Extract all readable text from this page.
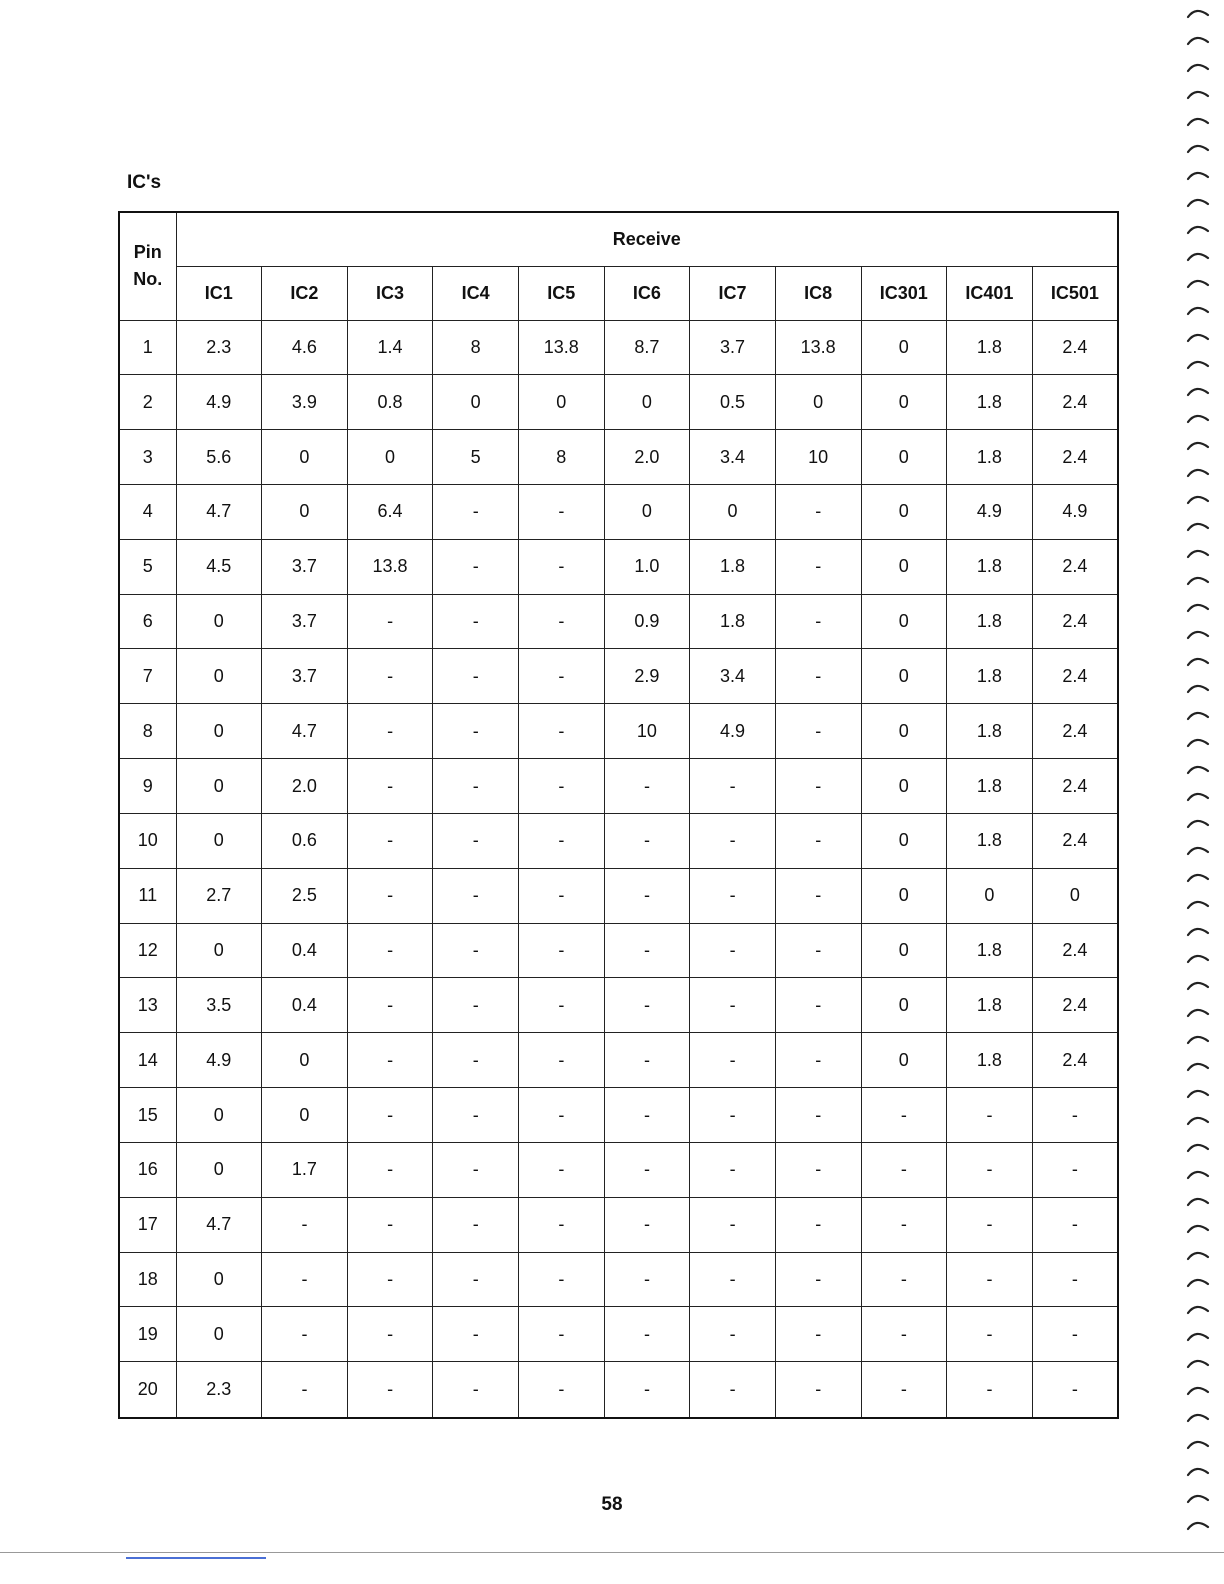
IC's
Pin
No.	Receive										
	IC1	IC2	IC3	IC4	IC5	IC6	IC7	IC8	IC301	IC401	IC501
1	2.3	4.6	1.4	8	13.8	8.7	3.7	13.8	0	1.8	2.4
2	4.9	3.9	0.8	0	0	0	0.5	0	0	1.8	2.4
3	5.6	0	0	5	8	2.0	3.4	10	0	1.8	2.4
4	4.7	0	6.4	-	-	0	0	-	0	4.9	4.9
5	4.5	3.7	13.8	-	-	1.0	1.8	-	0	1.8	2.4
6	0	3.7	-	-	-	0.9	1.8	-	0	1.8	2.4
7	0	3.7	-	-	-	2.9	3.4	-	0	1.8	2.4
8	0	4.7	-	-	-	10	4.9	-	0	1.8	2.4
9	0	2.0	-	-	-	-	-	-	0	1.8	2.4
10	0	0.6	-	-	-	-	-	-	0	1.8	2.4
11	2.7	2.5	-	-	-	-	-	-	0	0	0
12	0	0.4	-	-	-	-	-	-	0	1.8	2.4
13	3.5	0.4	-	-	-	-	-	-	0	1.8	2.4
14	4.9	0	-	-	-	-	-	-	0	1.8	2.4
15	0	0	-	-	-	-	-	-	-	-	-
16	0	1.7	-	-	-	-	-	-	-	-	-
17	4.7	-	-	-	-	-	-	-	-	-	-
18	0	-	-	-	-	-	-	-	-	-	-
19	0	-	-	-	-	-	-	-	-	-	-
20	2.3	-	-	-	-	-	-	-	-	-	-
58
